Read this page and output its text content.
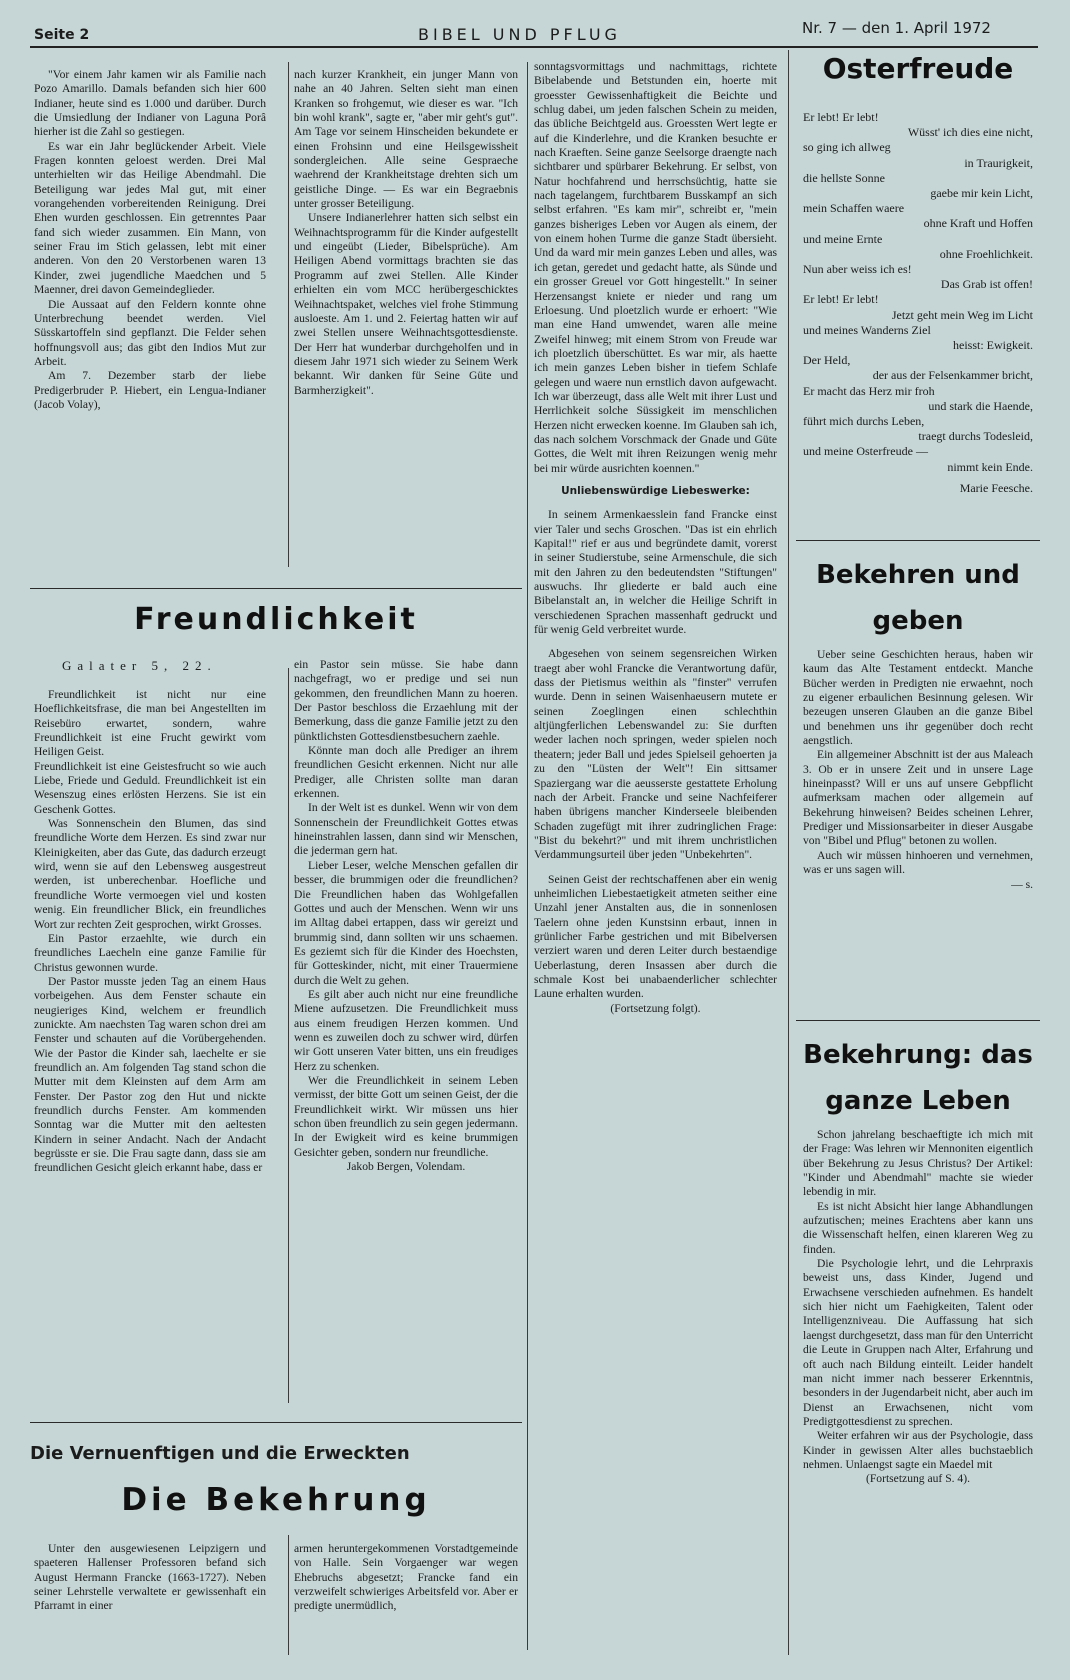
Seite 2	BIBEL UND PFLUG	Nr. 7 — den 1. April 1972

"Vor einem Jahr kamen wir als Familie nach Pozo Amarillo. Damals befanden sich hier 600 Indianer, heute sind es 1.000 und darüber. Durch die Umsiedlung der Indianer von Laguna Porâ hierher ist die Zahl so gestiegen.

Es war ein Jahr beglückender Arbeit. Viele Fragen konnten geloest werden. Drei Mal unterhielten wir das Heilige Abendmahl. Die Beteiligung war jedes Mal gut, mit einer vorangehenden vorbereitenden Reinigung. Drei Ehen wurden geschlossen. Ein getrenntes Paar fand sich wieder zusammen. Ein Mann, von seiner Frau im Stich gelassen, lebt mit einer anderen. Von den 20 Verstorbenen waren 13 Kinder, zwei jugendliche Maedchen und 5 Maenner, drei davon Gemeindeglieder.

Die Aussaat auf den Feldern konnte ohne Unterbrechung beendet werden. Viel Süsskartoffeln sind gepflanzt. Die Felder sehen hoffnungsvoll aus; das gibt den Indios Mut zur Arbeit.

Am 7. Dezember starb der liebe Predigerbruder P. Hiebert, ein Lengua-Indianer (Jacob Volay),

nach kurzer Krankheit, ein junger Mann von nahe an 40 Jahren. Selten sieht man einen Kranken so frohgemut, wie dieser es war. "Ich bin wohl krank", sagte er, "aber mir geht's gut". Am Tage vor seinem Hinscheiden bekundete er einen Frohsinn und eine Heilsgewissheit sondergleichen. Alle seine Gespraeche waehrend der Krankheitstage drehten sich um geistliche Dinge. — Es war ein Begraebnis unter grosser Beteiligung.

Unsere Indianerlehrer hatten sich selbst ein Weihnachtsprogramm für die Kinder aufgestellt und eingeübt (Lieder, Bibelsprüche). Am Heiligen Abend vormittags brachten sie das Programm auf zwei Stellen. Alle Kinder erhielten ein vom MCC herübergeschicktes Weihnachtspaket, welches viel frohe Stimmung ausloeste. Am 1. und 2. Feiertag hatten wir auf zwei Stellen unsere Weihnachtsgottesdienste. Der Herr hat wunderbar durchgeholfen und in diesem Jahr 1971 sich wieder zu Seinem Werk bekannt. Wir danken für Seine Güte und Barmherzigkeit".

Freundlichkeit
Galater 5, 22.

Freundlichkeit ist nicht nur eine Hoeflichkeitsfrase, die man bei Angestellten im Reisebüro erwartet, sondern, wahre Freundlichkeit ist eine Frucht gewirkt vom Heiligen Geist.

Freundlichkeit ist eine Geistesfrucht so wie auch Liebe, Friede und Geduld. Freundlichkeit ist ein Wesenszug eines erlösten Herzens. Sie ist ein Geschenk Gottes.

Was Sonnenschein den Blumen, das sind freundliche Worte dem Herzen. Es sind zwar nur Kleinigkeiten, aber das Gute, das dadurch erzeugt wird, wenn sie auf den Lebensweg ausgestreut werden, ist unberechenbar. Hoefliche und freundliche Worte vermoegen viel und kosten wenig. Ein freundlicher Blick, ein freundliches Wort zur rechten Zeit gesprochen, wirkt Grosses.

Ein Pastor erzaehlte, wie durch ein freundliches Laecheln eine ganze Familie für Christus gewonnen wurde.

Der Pastor musste jeden Tag an einem Haus vorbeigehen. Aus dem Fenster schaute ein neugieriges Kind, welchem er freundlich zunickte. Am naechsten Tag waren schon drei am Fenster und schauten auf die Vorübergehenden. Wie der Pastor die Kinder sah, laechelte er sie freundlich an. Am folgenden Tag stand schon die Mutter mit dem Kleinsten auf dem Arm am Fenster. Der Pastor zog den Hut und nickte freundlich durchs Fenster. Am kommenden Sonntag war die Mutter mit den aeltesten Kindern in seiner Andacht. Nach der Andacht begrüsste er sie. Die Frau sagte dann, dass sie am freundlichen Gesicht gleich erkannt habe, dass er

ein Pastor sein müsse. Sie habe dann nachgefragt, wo er predige und sei nun gekommen, den freundlichen Mann zu hoeren. Der Pastor beschloss die Erzaehlung mit der Bemerkung, dass die ganze Familie jetzt zu den pünktlichsten Gottesdienstbesuchern zaehle.

Könnte man doch alle Prediger an ihrem freundlichen Gesicht erkennen. Nicht nur alle Prediger, alle Christen sollte man daran erkennen.

In der Welt ist es dunkel. Wenn wir von dem Sonnenschein der Freundlichkeit Gottes etwas hineinstrahlen lassen, dann sind wir Menschen, die jederman gern hat.

Lieber Leser, welche Menschen gefallen dir besser, die brummigen oder die freundlichen? Die Freundlichen haben das Wohlgefallen Gottes und auch der Menschen. Wenn wir uns im Alltag dabei ertappen, dass wir gereizt und brummig sind, dann sollten wir uns schaemen. Es geziemt sich für die Kinder des Hoechsten, für Gotteskinder, nicht, mit einer Trauermiene durch die Welt zu gehen.

Es gilt aber auch nicht nur eine freundliche Miene aufzusetzen. Die Freundlichkeit muss aus einem freudigen Herzen kommen. Und wenn es zuweilen doch zu schwer wird, dürfen wir Gott unseren Vater bitten, uns ein freudiges Herz zu schenken.

Wer die Freundlichkeit in seinem Leben vermisst, der bitte Gott um seinen Geist, der die Freundlichkeit wirkt. Wir müssen uns hier schon üben freundlich zu sein gegen jedermann. In der Ewigkeit wird es keine brummigen Gesichter geben, sondern nur freundliche.

Jakob Bergen, Volendam.

Die Vernuenftigen und die Erweckten
Die Bekehrung

Unter den ausgewiesenen Leipzigern und spaeteren Hallenser Professoren befand sich August Hermann Francke (1663-1727). Neben seiner Lehrstelle verwaltete er gewissenhaft ein Pfarramt in einer

armen heruntergekommenen Vorstadtgemeinde von Halle. Sein Vorgaenger war wegen Ehebruchs abgesetzt; Francke fand ein verzweifelt schwieriges Arbeitsfeld vor. Aber er predigte unermüdlich,

sonntagsvormittags und nachmittags, richtete Bibelabende und Betstunden ein, hoerte mit groesster Gewissenhaftigkeit die Beichte und schlug dabei, um jeden falschen Schein zu meiden, das übliche Beichtgeld aus. Groessten Wert legte er auf die Kinderlehre, und die Kranken besuchte er nach Kraeften. Seine ganze Seelsorge draengte nach sichtbarer und spürbarer Bekehrung. Er selbst, von Natur hochfahrend und herrschsüchtig, hatte sie nach tagelangem, furchtbarem Busskampf an sich selbst erfahren. "Es kam mir", schreibt er, "mein ganzes bisheriges Leben vor Augen als einem, der von einem hohen Turme die ganze Stadt übersieht. Und da ward mir mein ganzes Leben und alles, was ich getan, geredet und gedacht hatte, als Sünde und ein grosser Greuel vor Gott hingestellt." In seiner Herzensangst kniete er nieder und rang um Erloesung. Und ploetzlich wurde er erhoert: "Wie man eine Hand umwendet, waren alle meine Zweifel hinweg; mit einem Strom von Freude war ich ploetzlich überschüttet. Es war mir, als haette ich mein ganzes Leben bisher in tiefem Schlafe gelegen und waere nun ernstlich davon aufgewacht. Ich war überzeugt, dass alle Welt mit ihrer Lust und Herrlichkeit solche Süssigkeit im menschlichen Herzen nicht erwecken koenne. Im Glauben sah ich, das nach solchem Vorschmack der Gnade und Güte Gottes, die Welt mit ihren Reizungen wenig mehr bei mir würde ausrichten koennen."

Unliebenswürdige Liebeswerke:

In seinem Armenkaesslein fand Francke einst vier Taler und sechs Groschen. "Das ist ein ehrlich Kapital!" rief er aus und begründete damit, vorerst in seiner Studierstube, seine Armenschule, die sich mit den Jahren zu den bedeutendsten "Stiftungen" auswuchs. Ihr gliederte er bald auch eine Bibelanstalt an, in welcher die Heilige Schrift in verschiedenen Sprachen massenhaft gedruckt und für wenig Geld verbreitet wurde.

Abgesehen von seinem segensreichen Wirken traegt aber wohl Francke die Verantwortung dafür, dass der Pietismus weithin als "finster" verrufen wurde. Denn in seinen Waisenhaeusern mutete er seinen Zoeglingen einen schlechthin altjüngferlichen Lebenswandel zu: Sie durften weder lachen noch springen, weder spielen noch theatern; jeder Ball und jedes Spielseil gehoerten ja zu den "Lüsten der Welt"! Ein sittsamer Spaziergang war die aeusserste gestattete Erholung nach der Arbeit. Francke und seine Nachfeiferer haben übrigens mancher Kinderseele bleibenden Schaden zugefügt mit ihrer zudringlichen Frage: "Bist du bekehrt?" und mit ihrem unchristlichen Verdammungsurteil über jeden "Unbekehrten".

Seinen Geist der rechtschaffenen aber ein wenig unheimlichen Liebestaetigkeit atmeten seither eine Unzahl jener Anstalten aus, die in sonnenlosen Taelern ohne jeden Kunstsinn erbaut, innen in grünlicher Farbe gestrichen und mit Bibelversen verziert waren und deren Leiter durch bestaendige Ueberlastung, deren Insassen aber durch die schmale Kost bei unabaenderlicher schlechter Laune erhalten wurden.

(Fortsetzung folgt).

Osterfreude
Er lebt! Er lebt!
Wüsst' ich dies eine nicht,
so ging ich allweg
in Traurigkeit,
die hellste Sonne
gaebe mir kein Licht,
mein Schaffen waere
ohne Kraft und Hoffen
und meine Ernte
ohne Froehlichkeit.
Nun aber weiss ich es!
Das Grab ist offen!
Er lebt! Er lebt!
Jetzt geht mein Weg im Licht
und meines Wanderns Ziel
heisst: Ewigkeit.
Der Held,
der aus der Felsenkammer bricht,
Er macht das Herz mir froh
und stark die Haende,
führt mich durchs Leben,
traegt durchs Todesleid,
und meine Osterfreude —
nimmt kein Ende.
Marie Feesche.
Bekehren und
geben

Ueber seine Geschichten heraus, haben wir kaum das Alte Testament entdeckt. Manche Bücher werden in Predigten nie erwaehnt, noch zu eigener erbaulichen Besinnung gelesen. Wir bezeugen unseren Glauben an die ganze Bibel und benehmen uns ihr gegenüber doch recht aengstlich.

Ein allgemeiner Abschnitt ist der aus Maleach 3. Ob er in unsere Zeit und in unsere Lage hineinpasst? Will er uns auf unsere Gebpflicht aufmerksam machen oder allgemein auf Bekehrung hinweisen? Beides scheinen Lehrer, Prediger und Missionsarbeiter in dieser Ausgabe von "Bibel und Pflug" betonen zu wollen.

Auch wir müssen hinhoeren und vernehmen, was er uns sagen will.

— s.

Bekehrung: das
ganze Leben

Schon jahrelang beschaeftigte ich mich mit der Frage: Was lehren wir Mennoniten eigentlich über Bekehrung zu Jesus Christus? Der Artikel: "Kinder und Abendmahl" machte sie wieder lebendig in mir.

Es ist nicht Absicht hier lange Abhandlungen aufzutischen; meines Erachtens aber kann uns die Wissenschaft helfen, einen klareren Weg zu finden.

Die Psychologie lehrt, und die Lehrpraxis beweist uns, dass Kinder, Jugend und Erwachsene verschieden aufnehmen. Es handelt sich hier nicht um Faehigkeiten, Talent oder Intelligenzniveau. Die Auffassung hat sich laengst durchgesetzt, dass man für den Unterricht die Leute in Gruppen nach Alter, Erfahrung und oft auch nach Bildung einteilt. Leider handelt man nicht immer nach besserer Erkenntnis, besonders in der Jugendarbeit nicht, aber auch im Dienst an Erwachsenen, nicht vom Predigtgottesdienst zu sprechen.

Weiter erfahren wir aus der Psychologie, dass Kinder in gewissen Alter alles buchstaeblich nehmen. Unlaengst sagte ein Maedel mit

(Fortsetzung auf S. 4).
